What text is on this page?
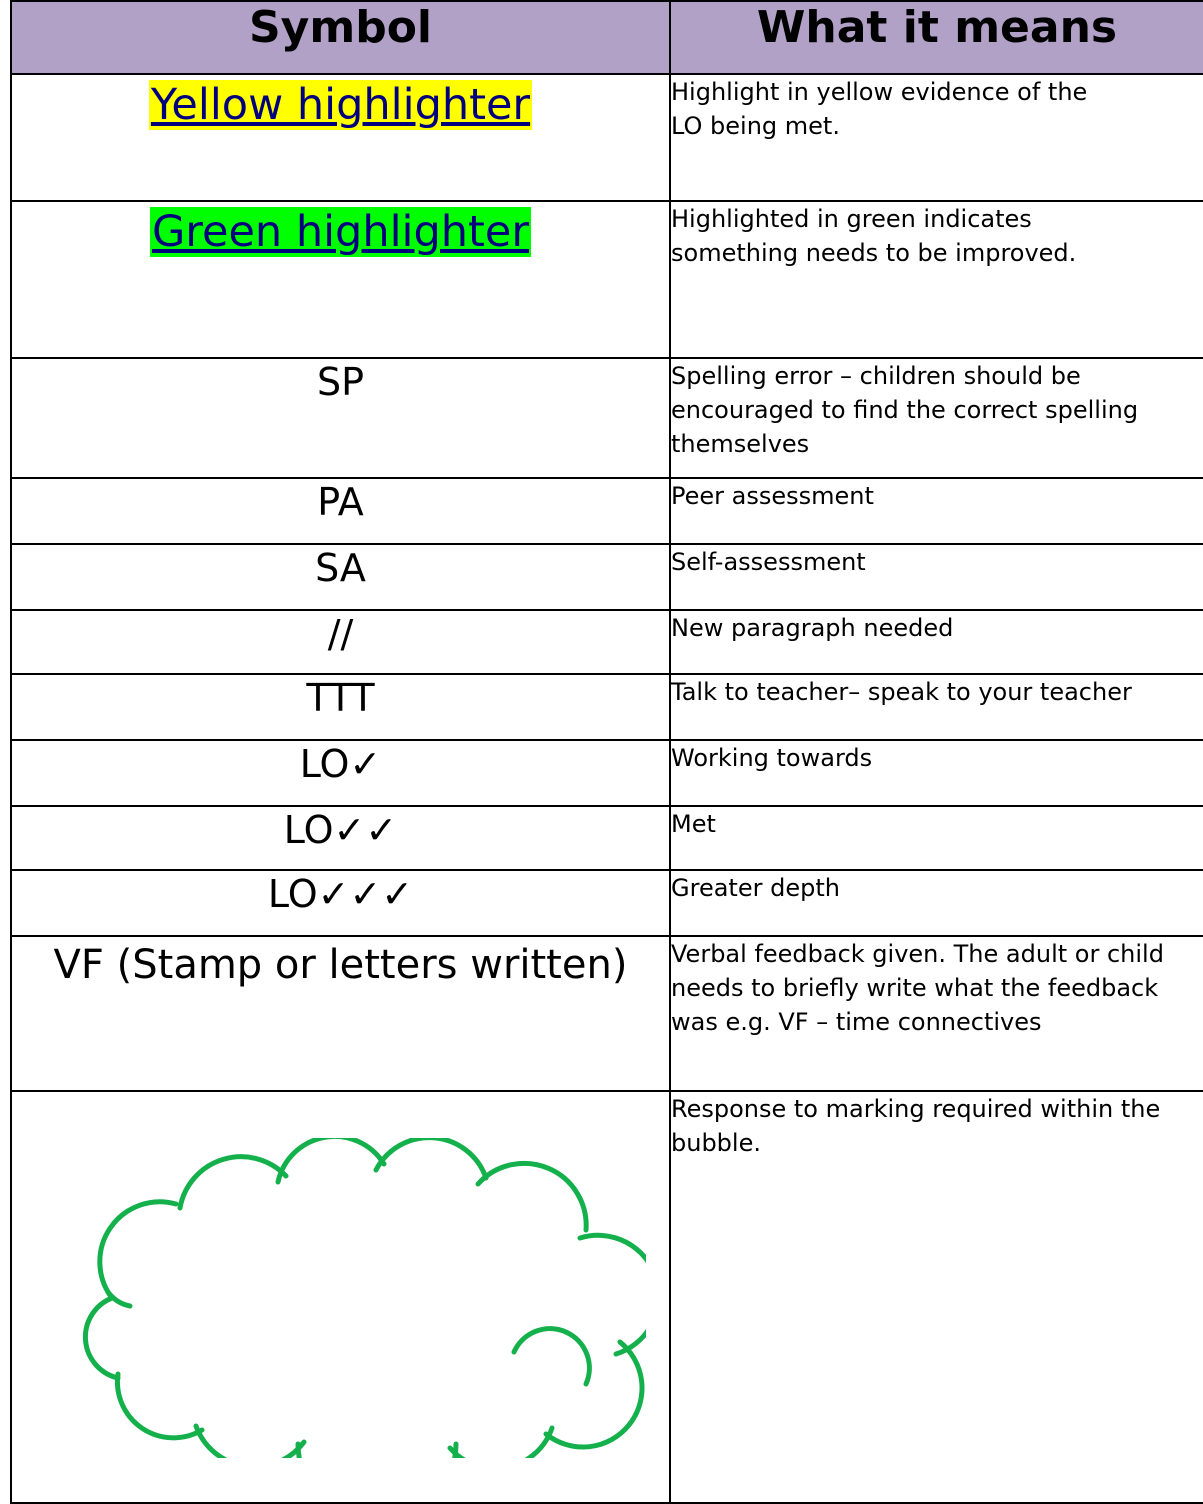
Symbol	What it means
Yellow highlighter	Highlight in yellow evidence of the
LO being met.

Green highlighter	Highlighted in green indicates
something needs to be improved.

SP	Spelling error – children should be encouraged to find the correct spelling themselves
PA	Peer assessment
SA	Self-assessment
//	New paragraph needed
TTT	Talk to teacher– speak to your teacher
LO✓	Working towards
LO✓✓	Met
LO✓✓✓	Greater depth
VF (Stamp or letters written)	Verbal feedback given. The adult or child needs to briefly write what the feedback was e.g. VF – time connectives

	Response to marking required within the bubble.
